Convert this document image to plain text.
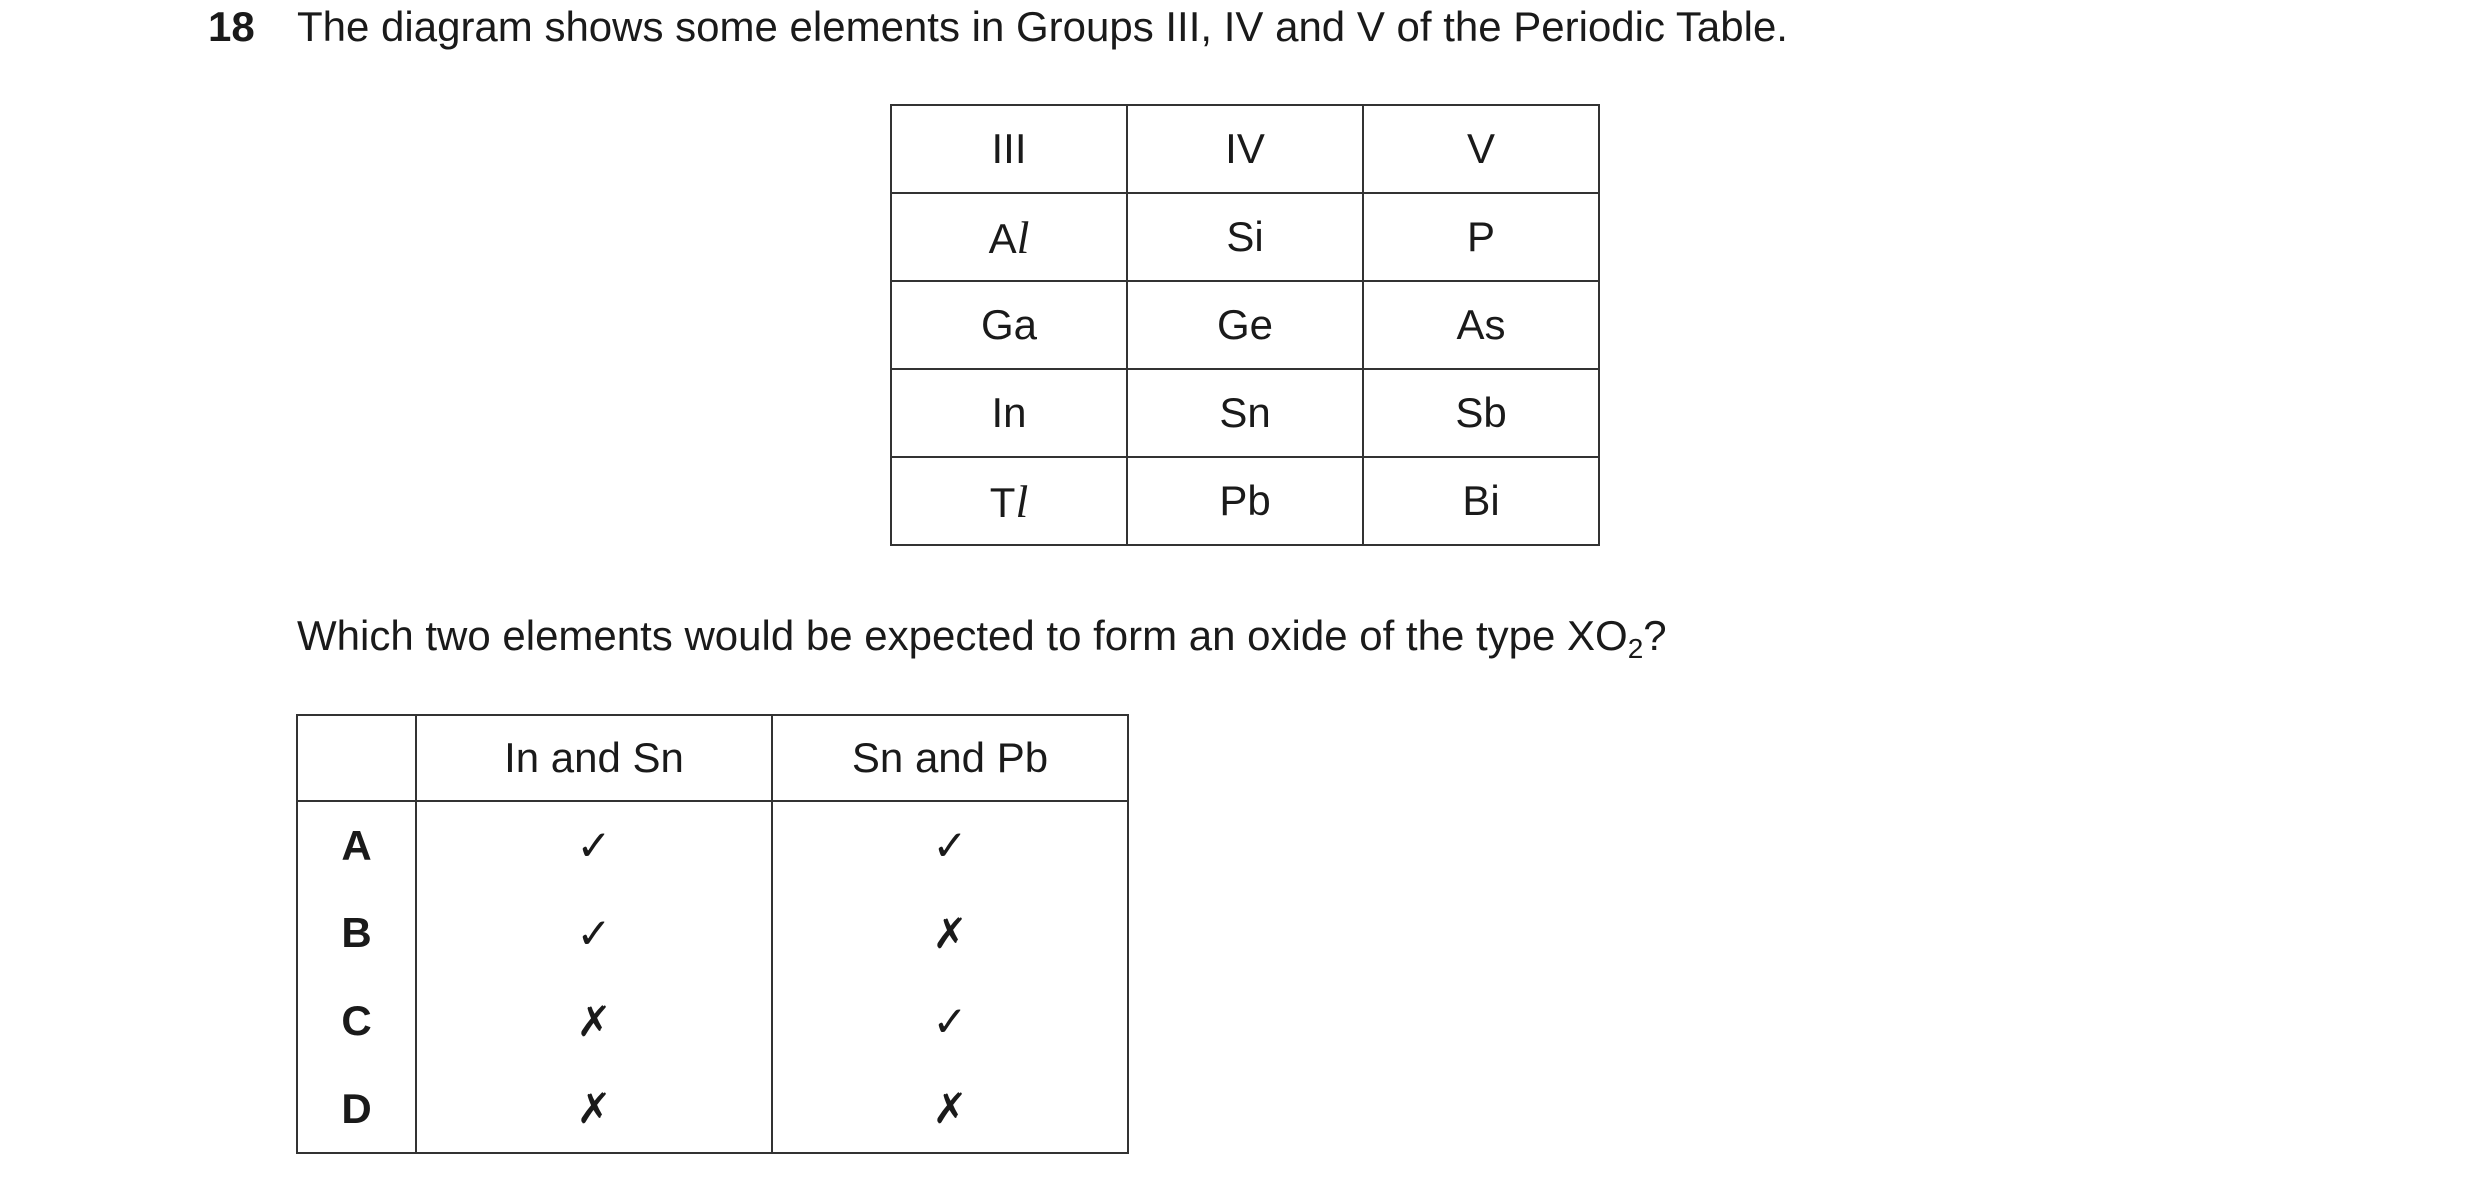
18 The diagram shows some elements in Groups III, IV and V of the Periodic Table.
III	IV	V
Al	Si	P
Ga	Ge	As
In	Sn	Sb
Tl	Pb	Bi
Which two elements would be expected to form an oxide of the type $XO_2$?
	In and Sn	Sn and Pb
A	✓	✓
B	✓	✗
C	✗	✓
D	✗	✗
